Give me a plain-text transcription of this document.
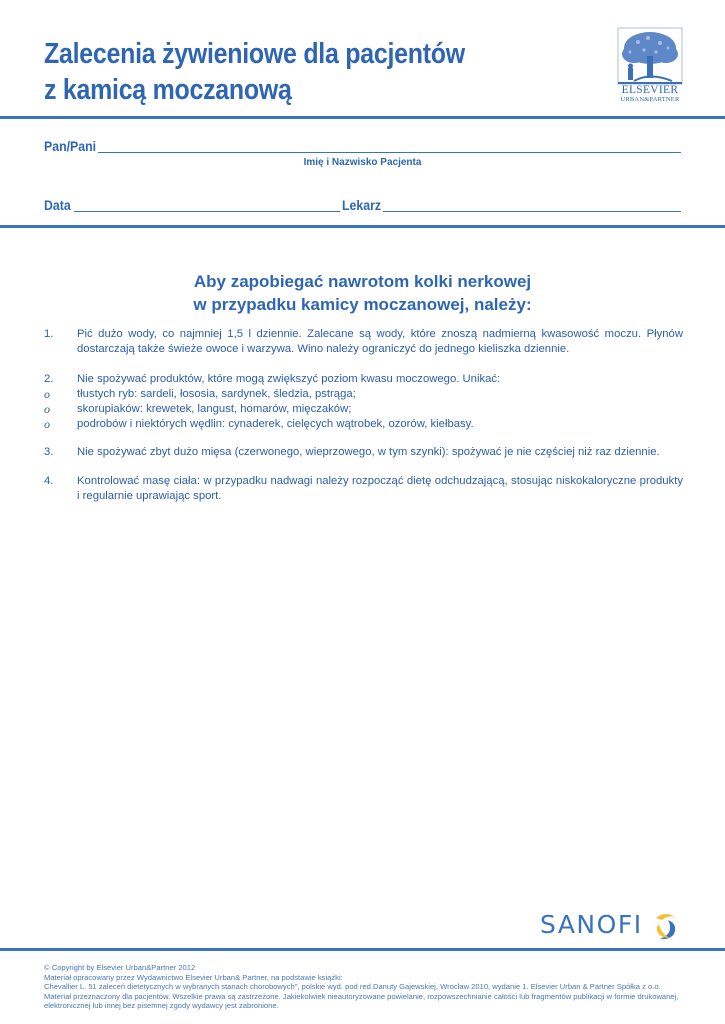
Zalecenia żywieniowe dla pacjentów
z kamicą moczanową	ELSEVIER
URBAN&PARTNER
Pan/Pani
Imię i Nazwisko Pacjenta
Data	Lekarz
Aby zapobiegać nawrotom kolki nerkowej
w przypadku kamicy moczanowej, należy:
1. Pić dużo wody, co najmniej 1,5 l dziennie. Zalecane są wody, które znoszą nadmierną kwasowość moczu. Płynów dostarczają także świeże owoce i warzywa. Wino należy ograniczyć do jednego kieliszka dziennie.
2. Nie spożywać produktów, które mogą zwiększyć poziom kwasu moczowego. Unikać:
o tłustych ryb: sardeli, łososia, sardynek, śledzia, pstrąga;
o skorupiaków: krewetek, langust, homarów, mięczaków;
o podrobów i niektórych wędlin: cynaderek, cielęcych wątrobek, ozorów, kiełbasy.
3. Nie spożywać zbyt dużo mięsa (czerwonego, wieprzowego, w tym szynki): spożywać je nie częściej niż raz dziennie.
4. Kontrolować masę ciała: w przypadku nadwagi należy rozpocząć dietę odchudzającą, stosując niskokaloryczne produkty i regularnie uprawiając sport.
SANOFI
© Copyright by Elsevier Urban&Partner 2012
Materiał opracowany przez Wydawnictwo Elsevier Urban& Partner, na podstawie książki:
Chevallier L. 51 zaleceń dietetycznych w wybranych stanach chorobowych", polskie wyd. pod red.Danuty Gajewskiej, Wrocław 2010, wydanie 1. Elsevier Urban & Partner Spółka z o.o.
Materiał przeznaczony dla pacjentów. Wszelkie prawa są zastrzeżone. Jakiekolwiek nieautoryzowane powielanie, rozpowszechnianie całości lub fragmentów publikacji w formie drukowanej, elektronicznej lub innej bez pisemnej zgody wydawcy jest zabronione.
